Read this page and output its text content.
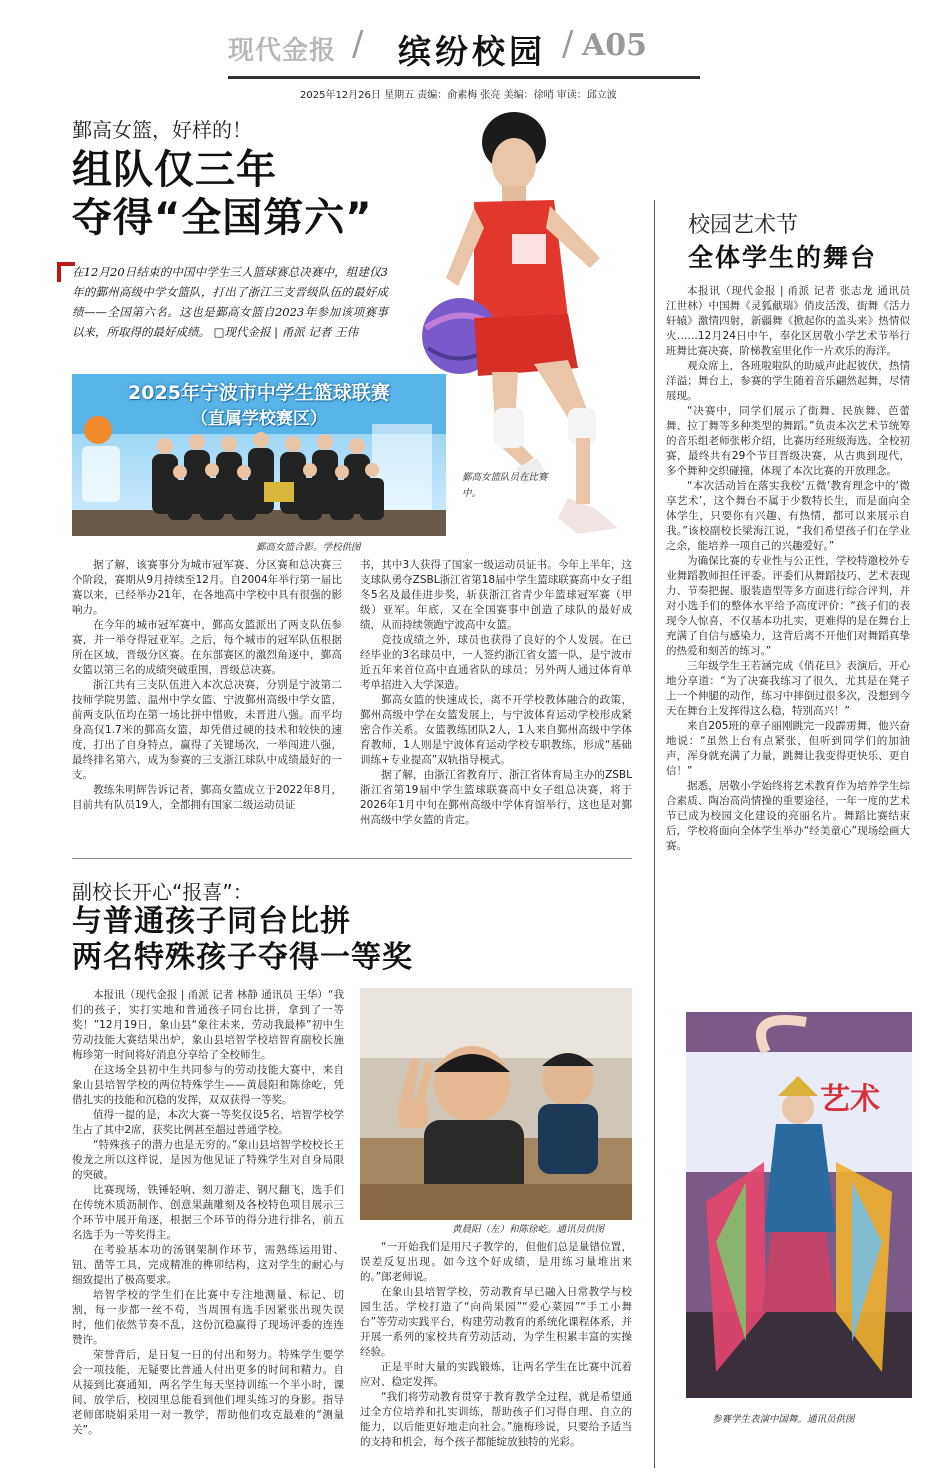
现代金报 / 缤纷校园 / A05
2025年12月26日 星期五 责编：俞素梅 张亮 美编：徐哨 审读：邱立波
鄞高女篮，好样的！
组队仅三年
夺得“全国第六”
在12月20日结束的中国中学生三人篮球赛总决赛中，组建仅3年的鄞州高级中学女篮队，打出了浙江三支晋级队伍的最好成绩——全国第六名。这也是鄞高女篮自2023年参加该项赛事以来，所取得的最好成绩。 □现代金报 | 甬派 记者 王伟
2025年宁波市中学生篮球联赛
（直属学校赛区）
鄞高女篮合影。学校供图
鄞高女篮队员在比赛中。

据了解，该赛事分为城市冠军赛、分区赛和总决赛三个阶段，赛期从9月持续至12月。自2004年举行第一届比赛以来，已经举办21年，在各地高中学校中具有很强的影响力。

在今年的城市冠军赛中，鄞高女篮派出了两支队伍参赛，并一举夺得冠亚军。之后，每个城市的冠军队伍根据所在区域，晋级分区赛。在东部赛区的激烈角逐中，鄞高女篮以第三名的成绩突破重围，晋级总决赛。

浙江共有三支队伍进入本次总决赛，分别是宁波第二技师学院男篮、温州中学女篮、宁波鄞州高级中学女篮，前两支队伍均在第一场比拼中惜败，未晋进八强。而平均身高仅1.7米的鄞高女篮，却凭借过硬的技术和较快的速度，打出了自身特点，赢得了关键场次，一举闯进八强，最终排名第六，成为参赛的三支浙江球队中成绩最好的一支。

教练朱明辉告诉记者，鄞高女篮成立于2022年8月，目前共有队员19人，全都拥有国家二级运动员证

书，其中3人获得了国家一级运动员证书。今年上半年，这支球队勇夺ZSBL浙江省第18届中学生篮球联赛高中女子组冬5名及最佳进步奖，斩获浙江省青少年篮球冠军赛（甲级）亚军。年底，又在全国赛事中创造了球队的最好成绩，从而持续领跑宁波高中女篮。

竞技成绩之外，球员也获得了良好的个人发展。在已经毕业的3名球员中，一人签约浙江省女篮一队，是宁波市近五年来首位高中直通省队的球员；另外两人通过体育单考单招进入大学深造。

鄞高女篮的快速成长，离不开学校教体融合的政策，鄞州高级中学在女篮发展上，与宁波体育运动学校形成紧密合作关系。女篮教练团队2人，1人来自鄞州高级中学体育教师，1人则是宁波体育运动学校专职教练，形成“基础训练+专业提高”双轨指导模式。

据了解，由浙江省教育厅、浙江省体育局主办的ZSBL浙江省第19届中学生篮球联赛高中女子组总决赛，将于2026年1月中旬在鄞州高级中学体育馆举行，这也是对鄞州高级中学女篮的肯定。

校园艺术节
全体学生的舞台

本报讯（现代金报 | 甬派 记者 张志龙 通讯员 江世林）中国舞《灵狐献瑞》俏皮活泼，街舞《活力轩辕》激情四射，新疆舞《掀起你的盖头来》热情似火……12月24日中午，奉化区居敬小学艺术节举行班舞比赛决赛，阶梯教室里化作一片欢乐的海洋。

观众席上，各班啦啦队的助威声此起彼伏，热情洋溢；舞台上，参赛的学生随着音乐翩然起舞，尽情展现。

“决赛中，同学们展示了街舞、民族舞、芭蕾舞、拉丁舞等多种类型的舞蹈。”负责本次艺术节统筹的音乐组老师张彬介绍，比赛历经班级海选、全校初赛，最终共有29个节目晋级决赛，从古典到现代，多个舞种交织碰撞，体现了本次比赛的开放理念。

“本次活动旨在落实我校‘五微’教育理念中的‘微享艺术’，这个舞台不属于少数特长生，而是面向全体学生，只要你有兴趣、有热情，都可以来展示自我。”该校副校长梁海江说，“我们希望孩子们在学业之余，能培养一项自己的兴趣爱好。”

为确保比赛的专业性与公正性，学校特邀校外专业舞蹈教师担任评委。评委们从舞蹈技巧、艺术表现力、节奏把握、服装造型等多方面进行综合评判，并对小选手们的整体水平给予高度评价：“孩子们的表现令人惊喜，不仅基本功扎实，更难得的是在舞台上充满了自信与感染力，这背后离不开他们对舞蹈真挚的热爱和刻苦的练习。”

三年级学生王若涵完成《俏花旦》表演后，开心地分享道：“为了决赛我练习了很久，尤其是在凳子上一个伸腿的动作，练习中摔倒过很多次，没想到今天在舞台上发挥得这么稳，特别高兴！”

来自205班的章子丽刚跳完一段霹雳舞，他兴奋地说：“虽然上台有点紧张，但听到同学们的加油声，浑身就充满了力量，跳舞让我变得更快乐、更自信！”

据悉，居敬小学始终将艺术教育作为培养学生综合素质、陶冶高尚情操的重要途径，一年一度的艺术节已成为校园文化建设的亮丽名片。舞蹈比赛结束后，学校将面向全体学生举办“经美童心”现场绘画大赛。

艺术
参赛学生表演中国舞。通讯员供图
副校长开心“报喜”：
与普通孩子同台比拼
两名特殊孩子夺得一等奖

本报讯（现代金报 | 甬派 记者 林静 通讯员 王华）“我们的孩子，实打实地和普通孩子同台比拼，拿到了一等奖！”12月19日，象山县“象往未来，劳动我最棒”初中生劳动技能大赛结果出炉，象山县培智学校培智育副校长施梅珍第一时间将好消息分享给了全校师生。

在这场全县初中生共同参与的劳动技能大赛中，来自象山县培智学校的两位特殊学生——黄晨阳和陈徐屹，凭借扎实的技能和沉稳的发挥，双双获得一等奖。

值得一提的是，本次大赛一等奖仅设5名，培智学校学生占了其中2席，获奖比例甚至超过普通学校。

“特殊孩子的潜力也是无穷的。”象山县培智学校校长王俊龙之所以这样说，是因为他见证了特殊学生对自身局限的突破。

比赛现场，铁锤轻响、刻刀游走、钢尺翻飞，选手们在传统木质沥制作、创意果蔬雕刻及各校特色项目展示三个环节中展开角逐，根据三个环节的得分进行排名，前五名选手为一等奖得主。

在考验基本功的汤钢架制作环节，需熟练运用钳、钮、凿等工具，完成精准的榫卯结构，这对学生的耐心与细致提出了极高要求。

培智学校的学生们在比赛中专注地测量、标记、切割，每一步都一丝不苟，当周围有选手因紧张出现失误时，他们依然节奏不乱，这份沉稳赢得了现场评委的连连赞许。

荣誉背后，是日复一日的付出和努力。特殊学生要学会一项技能，无疑要比普通人付出更多的时间和精力。自从接到比赛通知，两名学生每天坚持训练一个半小时，课间、放学后，校园里总能看到他们埋头练习的身影。指导老师郎晓娟采用一对一教学，帮助他们攻克最难的“测量关”。

黄晨阳（左）和陈徐屹。通讯员供图

“一开始我们是用尺子教学的，但他们总是量错位置，误差反复出现。如今这个好成绩，是用练习量堆出来的。”郎老师说。

在象山县培智学校，劳动教育早已融入日常教学与校园生活。学校打造了“向尚果园”“爱心菜园”“手工小舞台”等劳动实践平台，构建劳动教育的系统化课程体系，并开展一系列的家校共育劳动活动，为学生积累丰富的实操经验。

正是平时大量的实践锻炼，让两名学生在比赛中沉着应对、稳定发挥。

“我们将劳动教育贯穿于教育教学全过程，就是希望通过全方位培养和扎实训练，帮助孩子们习得自理、自立的能力，以后能更好地走向社会。”施梅珍说，只要给予适当的支持和机会，每个孩子都能绽放独特的光彩。
